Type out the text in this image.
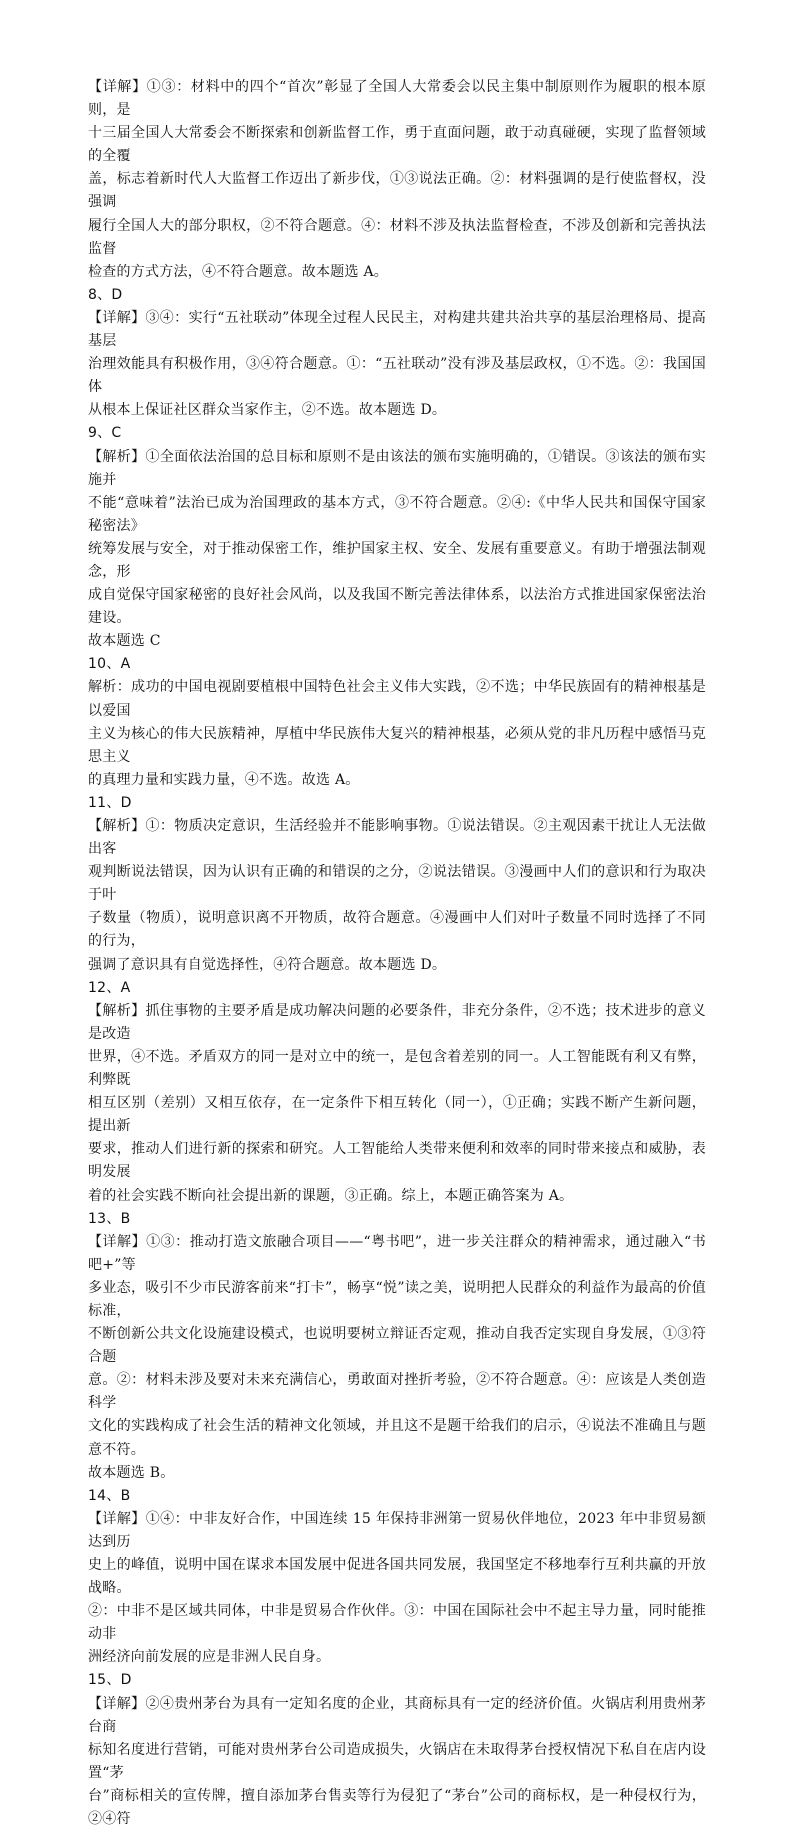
【详解】①③：材料中的四个“首次”彰显了全国人大常委会以民主集中制原则作为履职的根本原则，是

十三届全国人大常委会不断探索和创新监督工作，勇于直面问题，敢于动真碰硬，实现了监督领域的全覆

盖，标志着新时代人大监督工作迈出了新步伐，①③说法正确。②：材料强调的是行使监督权，没强调

履行全国人大的部分职权，②不符合题意。④：材料不涉及执法监督检查，不涉及创新和完善执法监督

检查的方式方法，④不符合题意。故本题选 A。

8、D

【详解】③④：实行“五社联动”体现全过程人民民主，对构建共建共治共享的基层治理格局、提高基层

治理效能具有积极作用，③④符合题意。①：“五社联动”没有涉及基层政权，①不选。②：我国国体

从根本上保证社区群众当家作主，②不选。故本题选 D。

9、C

【解析】①全面依法治国的总目标和原则不是由该法的颁布实施明确的，①错误。③该法的颁布实施并

不能“意味着”法治已成为治国理政的基本方式，③不符合题意。②④:《中华人民共和国保守国家秘密法》

统筹发展与安全，对于推动保密工作，维护国家主权、安全、发展有重要意义。有助于增强法制观念，形

成自觉保守国家秘密的良好社会风尚，以及我国不断完善法律体系，以法治方式推进国家保密法治建设。

故本题选 C

10、A

解析：成功的中国电视剧要植根中国特色社会主义伟大实践，②不选；中华民族固有的精神根基是以爱国

主义为核心的伟大民族精神，厚植中华民族伟大复兴的精神根基，必须从党的非凡历程中感悟马克思主义

的真理力量和实践力量，④不选。故选 A。

11、D

【解析】①：物质决定意识，生活经验并不能影响事物。①说法错误。②主观因素干扰让人无法做出客

观判断说法错误，因为认识有正确的和错误的之分，②说法错误。③漫画中人们的意识和行为取决于叶

子数量（物质），说明意识离不开物质，故符合题意。④漫画中人们对叶子数量不同时选择了不同的行为，

强调了意识具有自觉选择性，④符合题意。故本题选 D。

12、A

【解析】抓住事物的主要矛盾是成功解决问题的必要条件，非充分条件，②不选；技术进步的意义是改造

世界，④不选。矛盾双方的同一是对立中的统一，是包含着差别的同一。人工智能既有利又有弊，利弊既

相互区别（差别）又相互依存，在一定条件下相互转化（同一），①正确；实践不断产生新问题，提出新

要求，推动人们进行新的探索和研究。人工智能给人类带来便利和效率的同时带来接点和威胁，表明发展

着的社会实践不断向社会提出新的课题，③正确。综上，本题正确答案为 A。

13、B

【详解】①③：推动打造文旅融合项目——“粤书吧”，进一步关注群众的精神需求，通过融入“书吧+”等

多业态，吸引不少市民游客前来“打卡”，畅享“悦”读之美，说明把人民群众的利益作为最高的价值标准，

不断创新公共文化设施建设模式，也说明要树立辩证否定观，推动自我否定实现自身发展，①③符合题

意。②：材料未涉及要对未来充满信心，勇敢面对挫折考验，②不符合题意。④：应该是人类创造科学

文化的实践构成了社会生活的精神文化领域，并且这不是题干给我们的启示，④说法不准确且与题意不符。

故本题选 B。

14、B

【详解】①④：中非友好合作，中国连续 15 年保持非洲第一贸易伙伴地位，2023 年中非贸易额达到历

史上的峰值，说明中国在谋求本国发展中促进各国共同发展，我国坚定不移地奉行互利共赢的开放战略。

②：中非不是区域共同体，中非是贸易合作伙伴。③：中国在国际社会中不起主导力量，同时能推动非

洲经济向前发展的应是非洲人民自身。

15、D

【详解】②④贵州茅台为具有一定知名度的企业，其商标具有一定的经济价值。火锅店利用贵州茅台商

标知名度进行营销，可能对贵州茅台公司造成损失，火锅店在未取得茅台授权情况下私自在店内设置“茅

台”商标相关的宣传牌，擅自添加茅台售卖等行为侵犯了“茅台”公司的商标权，是一种侵权行为，②④符
